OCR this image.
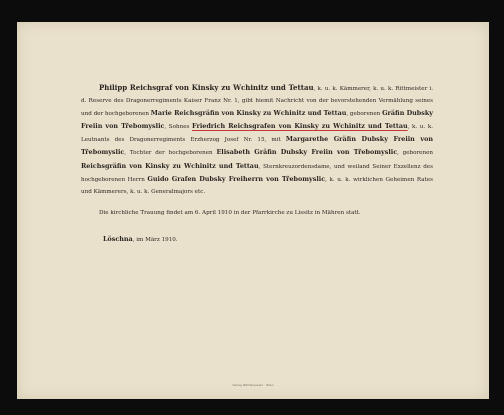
Philipp Reichsgraf von Kinsky zu Wchinitz und Tettau, k. u. k. Kämmerer, k. u. k. Rittmeister i. d. Reserve des Dragonerregiments Kaiser Franz Nr. 1, gibt hiemit Nachricht von der bevorstehenden Vermählung seines und der hochgeborenen Marie Reichsgräfin von Kinsky zu Wchinitz und Tettau, geborenen Gräfin Dubsky Freiin von Třebomyslic, Sohnes Friedrich Reichsgrafen von Kinsky zu Wchinitz und Tettau, k. u. k. Leutnants des Dragonerregiments Erzherzog Josef Nr. 15, mit Margarethe Gräfin Dubsky Freiin von Třebomyslic, Tochter der hochgeborenen Elisabeth Gräfin Dubsky Freiin von Třebomyslic, geborenen Reichsgräfin von Kinsky zu Wchinitz und Tettau, Sternkreuzordensdame, und weiland Seiner Exzellenz des hochgeborenen Herrn Guido Grafen Dubsky Freiherrn von Třebomyslic, k. u. k. wirklichen Geheimen Rates und Kämmerers, k. u. k. Generalmajors etc.

Die kirchliche Trauung findet am 6. April 1910 in der Pfarrkirche zu Lissitz in Mähren statt.

Löschna, im März 1910.

Verlag Wallishausser · Wien
